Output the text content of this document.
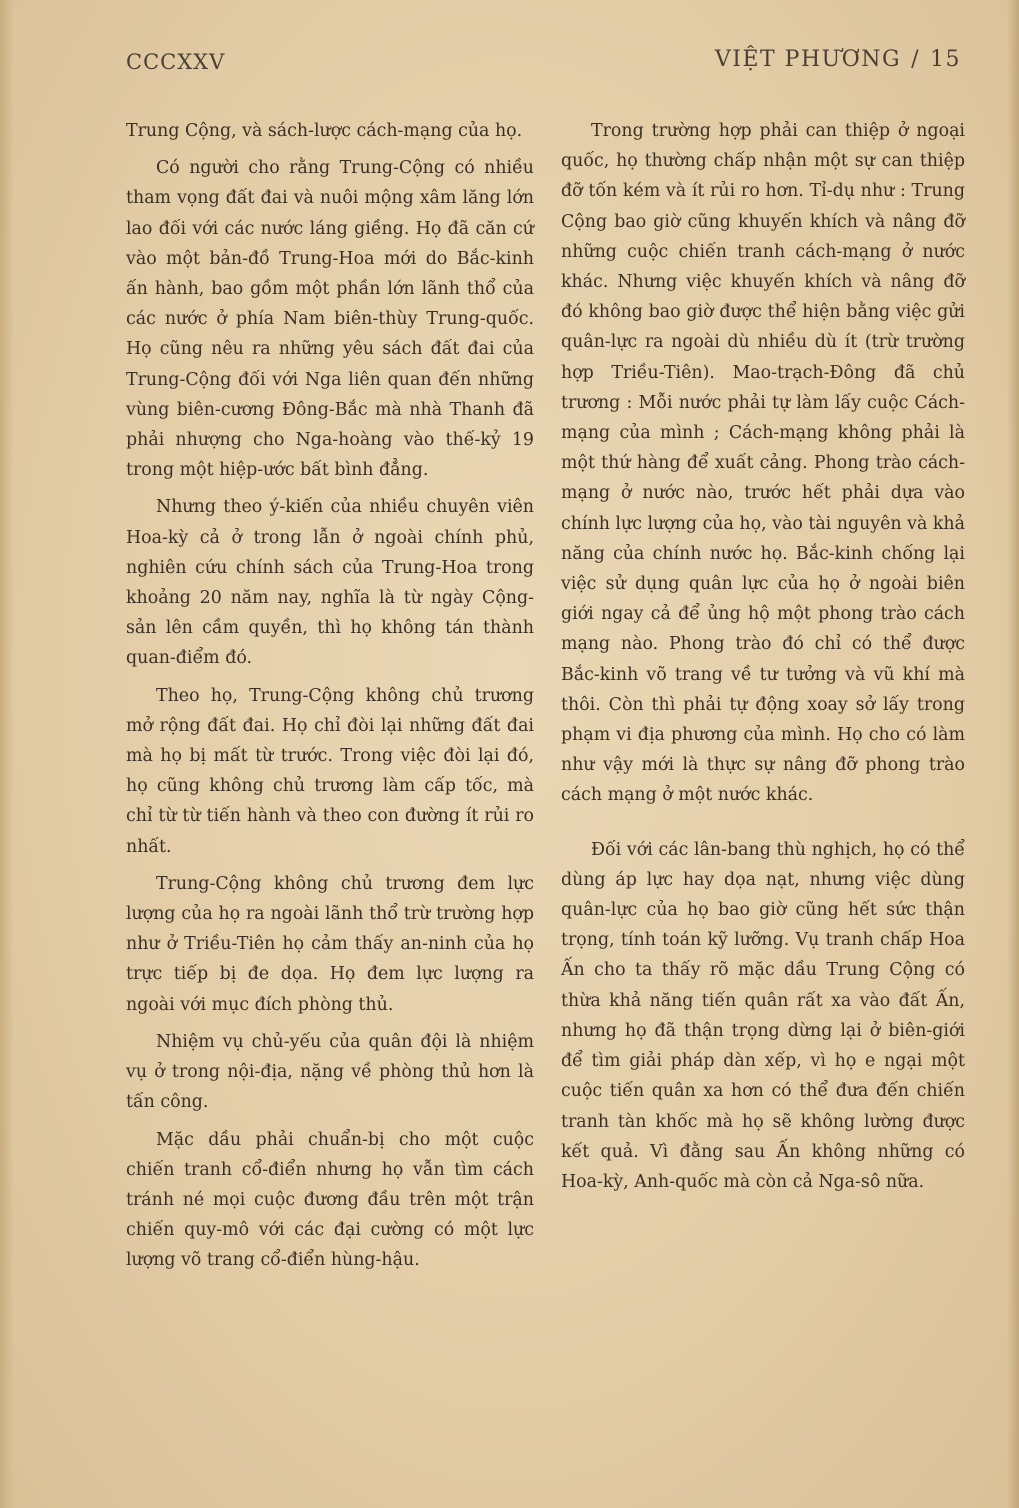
CCCXXV	VIỆT PHƯƠNG / 15

Trung Cộng, và sách-lược cách-mạng của họ.

Có người cho rằng Trung-Cộng có nhiều tham vọng đất đai và nuôi mộng xâm lăng lớn lao đối với các nước láng giềng. Họ đã căn cứ vào một bản-đồ Trung-Hoa mới do Bắc-kinh ấn hành, bao gồm một phần lớn lãnh thổ của các nước ở phía Nam biên-thùy Trung-quốc. Họ cũng nêu ra những yêu sách đất đai của Trung-Cộng đối với Nga liên quan đến những vùng biên-cương Đông-Bắc mà nhà Thanh đã phải nhượng cho Nga-hoàng vào thế-kỷ 19 trong một hiệp-ước bất bình đẳng.

Nhưng theo ý-kiến của nhiều chuyên viên Hoa-kỳ cả ở trong lẫn ở ngoài chính phủ, nghiên cứu chính sách của Trung-Hoa trong khoảng 20 năm nay, nghĩa là từ ngày Cộng-sản lên cầm quyền, thì họ không tán thành quan-điểm đó.

Theo họ, Trung-Cộng không chủ trương mở rộng đất đai. Họ chỉ đòi lại những đất đai mà họ bị mất từ trước. Trong việc đòi lại đó, họ cũng không chủ trương làm cấp tốc, mà chỉ từ từ tiến hành và theo con đường ít rủi ro nhất.

Trung-Cộng không chủ trương đem lực lượng của họ ra ngoài lãnh thổ trừ trường hợp như ở Triều-Tiên họ cảm thấy an-ninh của họ trực tiếp bị đe dọa. Họ đem lực lượng ra ngoài với mục đích phòng thủ.

Nhiệm vụ chủ-yếu của quân đội là nhiệm vụ ở trong nội-địa, nặng về phòng thủ hơn là tấn công.

Mặc dầu phải chuẩn-bị cho một cuộc chiến tranh cổ-điển nhưng họ vẫn tìm cách tránh né mọi cuộc đương đầu trên một trận chiến quy-mô với các đại cường có một lực lượng võ trang cổ-điển hùng-hậu.

Trong trường hợp phải can thiệp ở ngoại quốc, họ thường chấp nhận một sự can thiệp đỡ tốn kém và ít rủi ro hơn. Tỉ-dụ như : Trung Cộng bao giờ cũng khuyến khích và nâng đỡ những cuộc chiến tranh cách-mạng ở nước khác. Nhưng việc khuyến khích và nâng đỡ đó không bao giờ được thể hiện bằng việc gửi quân-lực ra ngoài dù nhiều dù ít (trừ trường hợp Triều-Tiên). Mao-trạch-Đông đã chủ trương : Mỗi nước phải tự làm lấy cuộc Cách-mạng của mình ; Cách-mạng không phải là một thứ hàng để xuất cảng. Phong trào cách-mạng ở nước nào, trước hết phải dựa vào chính lực lượng của họ, vào tài nguyên và khả năng của chính nước họ. Bắc-kinh chống lại việc sử dụng quân lực của họ ở ngoài biên giới ngay cả để ủng hộ một phong trào cách mạng nào. Phong trào đó chỉ có thể được Bắc-kinh võ trang về tư tưởng và vũ khí mà thôi. Còn thì phải tự động xoay sở lấy trong phạm vi địa phương của mình. Họ cho có làm như vậy mới là thực sự nâng đỡ phong trào cách mạng ở một nước khác.

Đối với các lân-bang thù nghịch, họ có thể dùng áp lực hay dọa nạt, nhưng việc dùng quân-lực của họ bao giờ cũng hết sức thận trọng, tính toán kỹ lưỡng. Vụ tranh chấp Hoa Ấn cho ta thấy rõ mặc dầu Trung Cộng có thừa khả năng tiến quân rất xa vào đất Ấn, nhưng họ đã thận trọng dừng lại ở biên-giới để tìm giải pháp dàn xếp, vì họ e ngại một cuộc tiến quân xa hơn có thể đưa đến chiến tranh tàn khốc mà họ sẽ không lường được kết quả. Vì đằng sau Ấn không những có Hoa-kỳ, Anh-quốc mà còn cả Nga-sô nữa.
